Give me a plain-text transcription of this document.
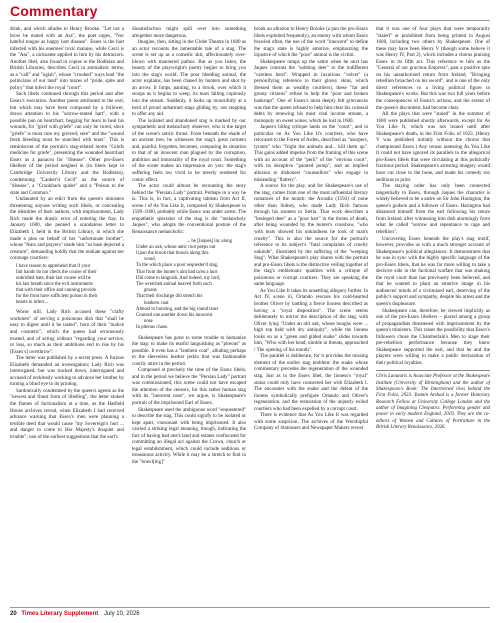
Commentary

drink, and which alludes to Henry Brooke. "Let not a brow be mated with an Ass", the poet urges, "Nor hateful tongue as happy hart disease". Esses is the hart infected with his enemies' toxic malaise, while Cecil is the "Ass", a nickname applied to him by his detractors. Another libel, also found in copies in the Bodleian and British Libraries, describes Cecil in animalistic terms, as a "calf" and "ugish", whose "crooked" ways lead "the politicians of our land" into mazes of "pride, spite and policy" that infect the royal "court".

Such libels continued through this period and after Essex's execution. Another poem attributed to the earl, but which may have been composed by a follower, draws attention to his "sorrow-rented hart", with a possible pun on heart/hart, begging for tears to heal his wounds, for "grief with griefe" can only be cured, since "griefe" is must cure my grieved; sore" and the "wound fresh bleeding must be stanched with tears". This is reminiscent of the portrait's stag-related motto "Griefs medicine for griefe", presenting the wounded heart/hart Essex as a panacea for "disease". Other pro-Essex libellers of the period neighed in (in libels kept in Cambridge University Library and the Bodleian), condemning "Canker'd Cecil" as the source of "disease", a "Crookback spider" and a "Poison to the state and Common."

Undaunted by an edict from the queen's ministers threatening anyone writing such libels, or concealing the identities of their authors, with imprisonment, Lady Rich made the drastic error of entering the fray. In January 1600, she penned a scandalous letter to Elizabeth I, held in the British Library, in which she made a plea on behalf of her "unfortunate brother", whose "fears and prayers" made him "so base dejected a creature", demanding boldly that the realiate against her coronage courtiers:

I have reason to apprehend that if your
fair hands do not check the course of their
unbridled hate, their last course will be
his last breath since the evil instruments
that with their office and cunning provide
for the front have sufficient poison in their
hearts to infect...

Worse still, Lady Rich accused these "crafty workmen" of serving a poisonous dish that "shall be easy to digest until it be tasted", born of their "malice and cosmetic", which the queen had erroneously trusted, and of acting without "regarding your service, or loss, so much as their ambitious end to rise by his [Essex's] overthrow".

The letter was published by a secret press. A furious Elizabeth demanded an investigation; Lady Rich was interrogated, but was tracked down, interrogated and accused of recklessly working to advance her brother by turning a blind eye to its printing.

Sardonically condemned by the queen's agents as the "newest and finest form of libelling", the letter stoked the flames of factionalism at a time, as the Hatfield House archives reveal, when Elizabeth I had received advance warning that Essex's men were planning a terrible deed that would cause "my Sovereign's hurt ... and danger to come to Her Majesty's disquiet and trouble"; one of the earliest suggestions that the earl's

dissatisfaction might spill over into something altogether more dangerous.

Imagine, then, sitting in the Globe Theatre in 1600 as an actor recounts the lamentable tale of a stag. The scene is set up as a comedic skit, affectionately over-blown with mannered pathos. But as you listen, the beauty of the playwright's poetry begins to bring you into the stag's world. The poor bleeding animal, the actor explains, has been chased by hunters and shot by an arrow. It limps, panting, to a brook, over which it stoops as it begins to weep, its tears falling copiously into the stream. Suddenly, it looks up mournfully at a herd of proud unharmed stags gliding by, not stopping to offer any aid.

The isolated and abandoned stag is marked by our sympathetic and melancholy observer, who is the target of the scene's satiric thrust. From beneath the shade of an ancient tree, he witnesses the stag's great torment and, painful, forgotten, becomes, comparing its situation to that of an innocent man plagued by the corruption, ambition and immorality of the royal court. Something of the scene makes an impression on you: the stag's suffering feels too vivid to be merely rendered for comic effect.

The actor could almost be recounting the story behind the "Persian Lady" portrait. Perhaps in a way he is. This is, in fact, a captivating tableau from Act II, scene i of As You Like It, composed by Shakespeare in 1599–1600, probably while Essex was under arrest. The empathetic spectator of the stag is the "melancholy Jaques", who adopts the conventional posture of the Renaissance melancholic:

... he [Jaques] lay along
Under an oak, whose antic root peeps out
Upon the brook that brawls along this
wood,
To the which place a poor sequester'd stag,
That from the hunter's aim had ta'en a hurt
Did come to languish. And indeed, my lord,
The wretched animal heaved forth such
groans
That their discharge did stretch his
leathern coat
Almost to bursting, and the big round tears
Coursed one another down his innocent
nose
In piteous chase.

Shakespeare has gone to some trouble to humanize the stag: to make its tearful languishing as "piteous" as possible. It even has a "leathern coat", alluding perhaps to the sleeveless leather jerkin that was fashionable courtly attire in the period.

Composed at precisely the time of the Essex libels, and in the period we believe the "Persian Lady" portrait was commissioned, this scene could not have escaped the attention of the censors, for this rather human stag with its "innocent nose", we argue, is Shakespeare's portrait of the imprisoned Earl of Essex.

Shakespeare used the ambiguous word "sequestered" to describe the stag. This could signify to be isolated or kept apart, consonant with being imprisoned. It also carried a striking legal meaning, though, indicating the fact of having had one's land and estates confiscated for committing an illegal act against the Crown, church or legal establishment, which could include seditious or treasonous activity. While it may be a stretch to find in the "brawl[ing]"

brook an allusion to Henry Brooke (a pun the pro-Essex libels exploited frequently), an enemy with whom Essex brawled often, the use of the word "innocent" to define the stag's state is highly emotive, emphasizing the injustice of which the "poor" animal is the victim.

Shakespeare ramps up the satire when he next has Jaques contrast the "sobbing deer" to the indifferent "careless herd". Wrapped in luxurious "velvet" (a personifying reference to their glossy skins, which dressed them as wealthy courtiers), these "fat and greasy citizens" refuse to help the "poor and broken bankrupt". One of Essex's most deeply felt grievances was that the queen refused to help him clear his colossal debts by renewing his most vital income stream, a monopoly on sweet wines, which he lost in 1600.

Jaques's biting critique lands on the "court", and in particular on As You Like It's courtiers, who have relocated to the Forest of Arden, described as "usurpers, tyrants" who "fright the animals and... kill them up". This gains added impetus from the framing of this scene with an account of the "peril" of the "envious court", with its deceptive "painted pomp", and an implied allusion to dishonest "counsellors" who engage in misleading "flattery".

A source for the play, and for Shakespeare's use of the stag, comes from one of the most influential literary romances of the month: the Arcadia (1593) of none other than Sidney, who made Lady Rich famous through his sonnets to Stella. That work describes a "besieged deer" as a "poor hart" in the throes of death, after being wounded by the hunter's crossbow, "who with tears showed his unkindness he took of man's cruelty". This is also the source for the portrait's reference to its subject's "fatal complaints of cruelty unkinde", illustrated by the suffering of the "weeping Stag". What Shakespeare's play shares with the portrait and pro-Essex libels is the distinctive veiling together of the stag's emblematic qualities with a critique of poisonous or corrupt courtiers. They are speaking the same language.

As You Like It takes its unsettling allegory further. In Act IV, scene iii, Orlando rescues his cold-hearted brother Oliver by battling a fierce lioness described as having a "royal disposition". The scene seems deliberately to mirror the description of the stag, with Oliver lying "Under an old oak, whose boughs were ... high top bald with dry antiquity", while the lioness looks on as a "green and gilded snake" slides towards him, "Who with her head, nimble in threats, approached / The opening of his mouth".

The parallel is deliberate, for it provides the missing element of the earlier stag emblem: the snake whose commentary precedes the regeneration of the wounded stag. Just as in the Essex libel, the lioness's "royal" status could only have connected her with Elizabeth I. The encounter with the snake and the defeat of the lioness symbolically prefigure Orlando and Oliver's regeneration, and the restoration of the unjustly exiled courtiers who had been expelled by a corrupt court.

There is evidence that As You Like It was regarded with some suspicion. The archives of the Worshipful Company of Stationers and Newspaper Makers reveal

that it was one of four plays that were temporarily "staied" or prohibited from being printed in August 1600, including two others by Shakespeare. One of these may have been Henry V (though some believe it was Henry IV, Part 2), which includes a chorus praising Essex in its fifth act. This reference to him as the "General of our gracious Empress", past a positive spin on his unauthorized return from Ireland, "Bringing rebellion broached on his sword", and is one of the only direct references to a living political figure in Shakespeare's works. But this was two full years before the consequences of Essex's actions, and the extent of the queen's discontent, had become clear.

All the plays that were "staied" in the summer of 1600 were published shortly afterwards, except for As You Like It, which was not issued until after Shakespeare's death, in the First Folio of 1623. (Henry V was published initially without the chorus that championed Essex.) Any censor assessing As You Like It could not have ignored its parallels to the allegorical pro-Essex libels that were circulating at this politically fractious period. Shakespeare's arresting imagery would have cut close to the bone, and made his comedy too seditious to print.

The staying order has only been connected tangentially to Essex, through Jaques the character is widely believed to be a satire on Sir John Harington, the queen's godson and a follower of Essex. Harington had distanced himself from the earl following his return from Ireland, after witnessing him dish alarmingly from what he called "sorrow and repentance to rage and rebellion".

Uncovering Essex beneath the play's stag motif, however, provides us with a much stronger account of Shakespeare's political allegiances. It demonstrates that he was in sync with the highly specific language of the pro-Essex libels, that he was far more willing to take a decisive side in the factional warfare that was shaking the royal court than has previously been believed, and that he wanted to plant an emotive image in his audiences' minds of a victimized earl, deserving of the public's support and sympathy, despite his arrest and the queen's displeasure.

Shakespeare can, therefore, be viewed implicitly as one of the pro-Essex libellers – placed among a group of propagandists threatened with imprisonment by the queen's ministers. This raises the possibility that Essex's followers chose the Chamberlain's Men to stage their pre-rebellion performance because they knew Shakespeare supported the earl, and that he and the players were willing to make a public declaration of their political loyalties.

Chris Laoutaris is Associate Professor at the Shakespeare Institute (University of Birmingham) and the author of Shakespeare's Book: The Intertwined lives behind the First Folio, 2023. Yasmin Arshad is a former Honorary Research Fellow at University College London and the author of Imagining Cleopatra: Performing gender and power in early modern England, 2019. They are the co-editors of Women and Cultures of Portraiture in the British Literary Renaissance, 2026.
20 Times Literary Supplement July 10, 2026
